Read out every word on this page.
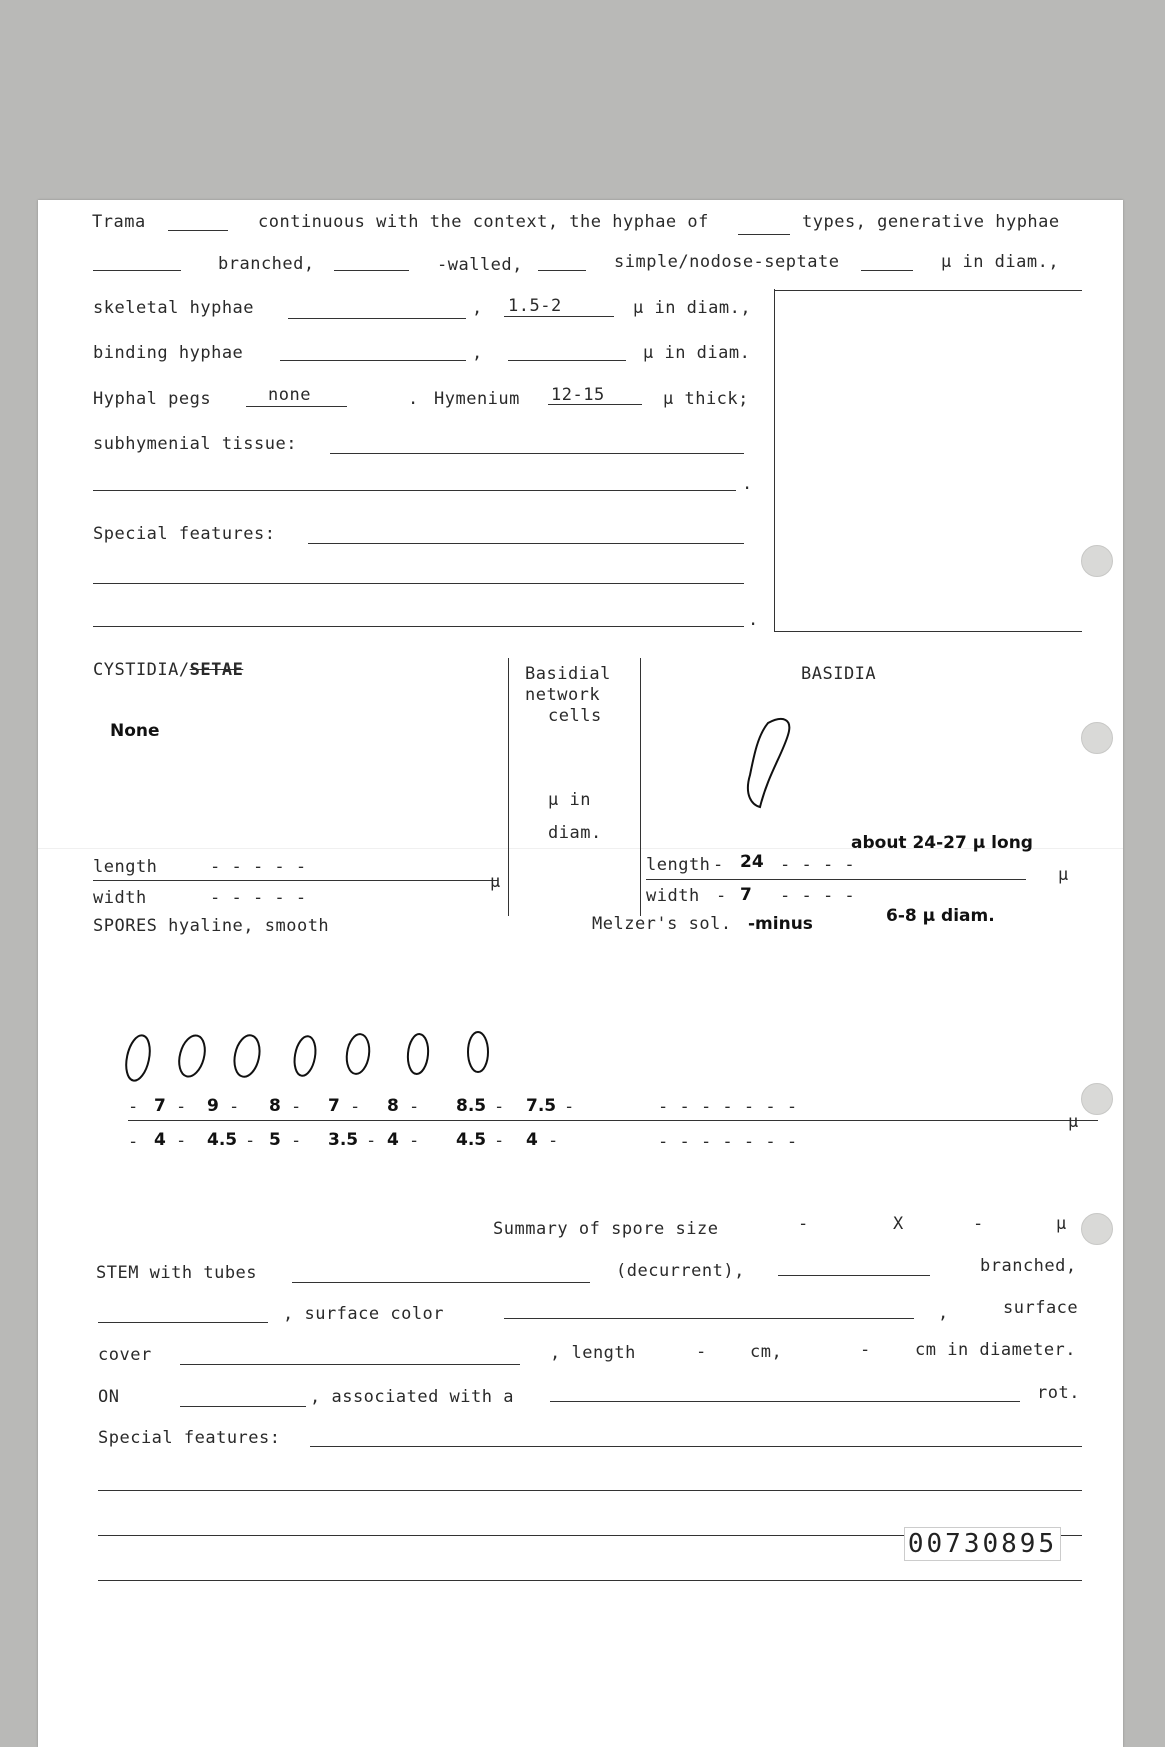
Trama	continuous with the context, the hyphae of	types, generative hyphae
branched,	-walled,	simple/nodose-septate	μ in diam.,
skeletal hyphae	, 1.5-2	μ in diam.,
binding hyphae	,	μ in diam.
Hyphal pegs	none	. Hymenium 12-15	μ thick;
subhymenial tissue:
.
Special features:
.
CYSTIDIA/SETAE
None
length
width
- - - - -
- - - - -
μ
Basidial
network
cells
μ in
diam.
BASIDIA
about 24-27 μ long
length - 24 - - - -
width - 7 - - - -
6-8 μ diam.
μ
SPORES hyaline, smooth	Melzer's sol. -minus
-
-
- - - - - - -
- - - - - - -
μ
Summary of spore size	-	X	-	μ
STEM with tubes	(decurrent),	branched,
, surface color	,	surface
cover	, length	-	cm,	-	cm in diameter.
ON	, associated with a	rot.
Special features:
00730895
7 - 9 - 8 - 7 - 8 - 8.5 - 7.5 -
4 - 4.5 - 5 - 3.5 - 4 - 4.5 - 4 -
